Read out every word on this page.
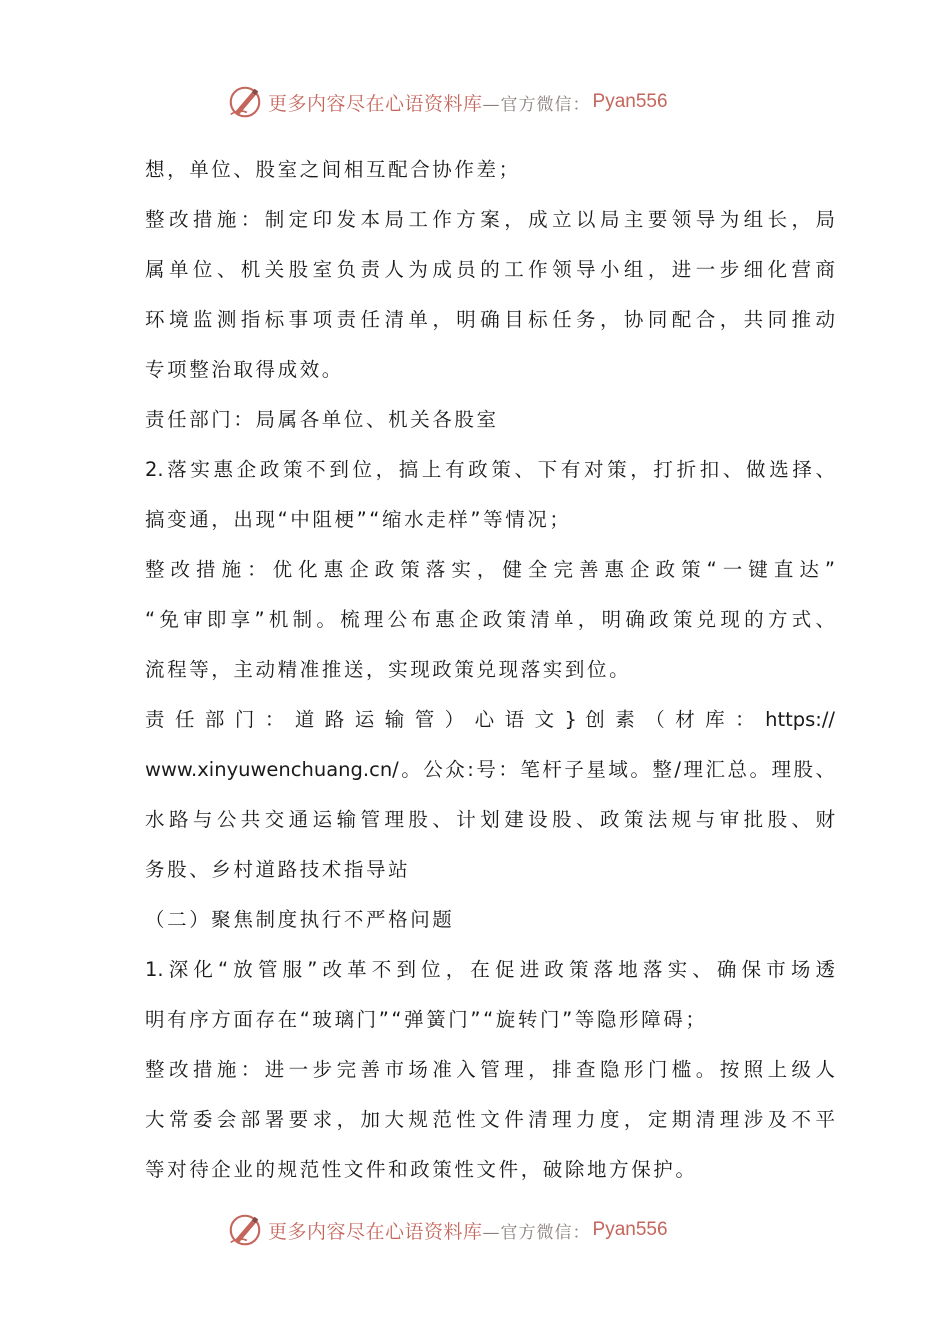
更多内容尽在心语资料库 —官方微信： Pyan556
想，单位、股室之间相互配合协作差；
整改措施：制定印发本局工作方案，成立以局主要领导为组长，局
属单位、机关股室负责人为成员的工作领导小组，进一步细化营商
环境监测指标事项责任清单，明确目标任务，协同配合，共同推动
专项整治取得成效。
责任部门：局属各单位、机关各股室
2.落实惠企政策不到位，搞上有政策、下有对策，打折扣、做选择、
搞变通，出现“中阻梗”“缩水走样”等情况；
整改措施：优化惠企政策落实，健全完善惠企政策“一键直达”
“免审即享”机制。梳理公布惠企政策清单，明确政策兑现的方式、
流程等，主动精准推送，实现政策兑现落实到位。
责 任 部 门 ： 道 路 运 输 管 ） 心 语 文 } 创 素 （ 材 库 ： https://
www.xinyuwenchuang.cn/。公众:号：笔杆子星域。整/理汇总。理股、
水路与公共交通运输管理股、计划建设股、政策法规与审批股、财
务股、乡村道路技术指导站
（二）聚焦制度执行不严格问题
1.深化“放管服”改革不到位，在促进政策落地落实、确保市场透
明有序方面存在“玻璃门”“弹簧门”“旋转门”等隐形障碍；
整改措施：进一步完善市场准入管理，排查隐形门槛。按照上级人
大常委会部署要求，加大规范性文件清理力度，定期清理涉及不平
等对待企业的规范性文件和政策性文件，破除地方保护。
更多内容尽在心语资料库 —官方微信： Pyan556
